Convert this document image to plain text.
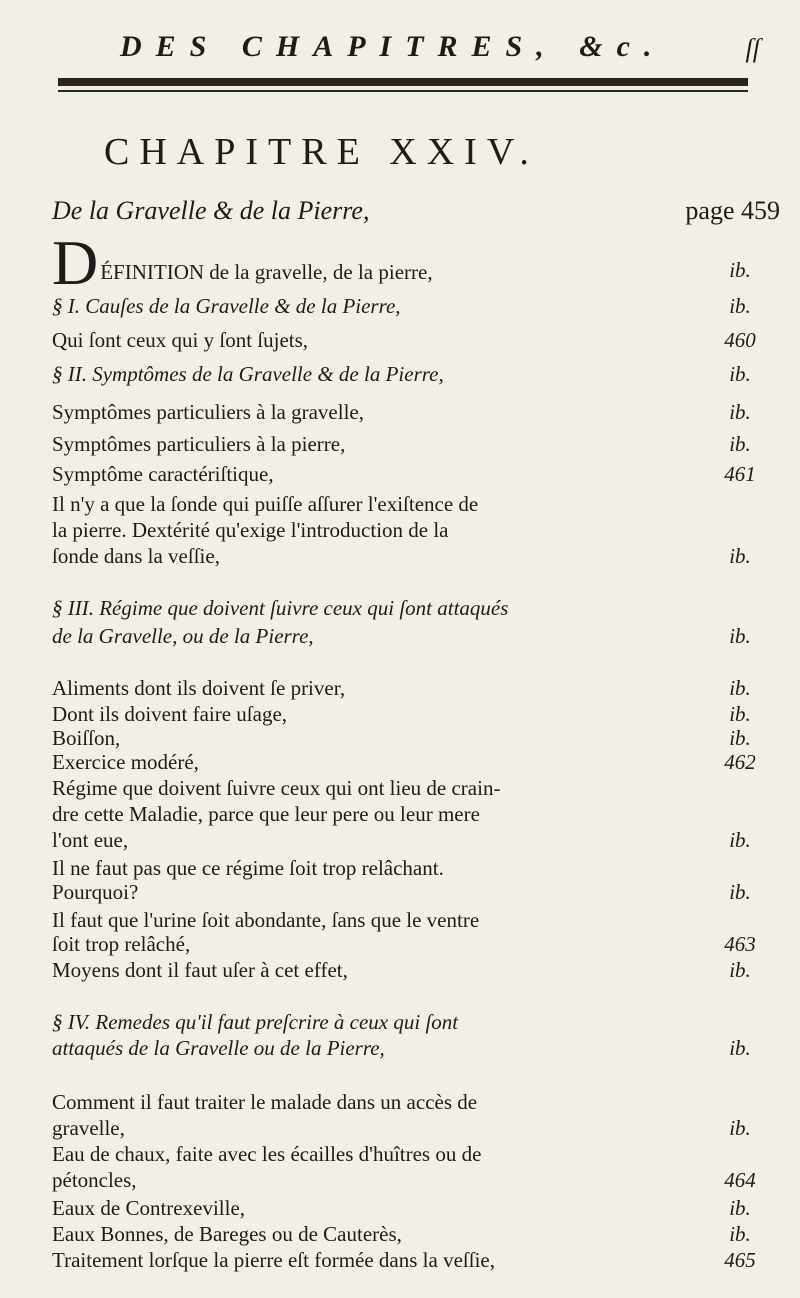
DES CHAPITRES, &c.	ſſ
CHAPITRE XXIV.
De la Gravelle & de la Pierre,	page 459
D ÉFINITION de la gravelle, de la pierre,	ib.
§ I. Cauſes de la Gravelle & de la Pierre,	ib.
Qui ſont ceux qui y ſont ſujets,	460
§ II. Symptômes de la Gravelle & de la Pierre,	ib.
Symptômes particuliers à la gravelle,	ib.
Symptômes particuliers à la pierre,	ib.
Symptôme caractériſtique,	461
Il n'y a que la ſonde qui puiſſe aſſurer l'exiſtence de
la pierre. Dextérité qu'exige l'introduction de la
ſonde dans la veſſie,	ib.
§ III. Régime que doivent ſuivre ceux qui ſont attaqués
de la Gravelle, ou de la Pierre,	ib.
Aliments dont ils doivent ſe priver,	ib.
Dont ils doivent faire uſage,	ib.
Boiſſon,	ib.
Exercice modéré,	462
Régime que doivent ſuivre ceux qui ont lieu de crain-
dre cette Maladie, parce que leur pere ou leur mere
l'ont eue,	ib.
Il ne faut pas que ce régime ſoit trop relâchant.
Pourquoi?	ib.
Il faut que l'urine ſoit abondante, ſans que le ventre
ſoit trop relâché,	463
Moyens dont il faut uſer à cet effet,	ib.
§ IV. Remedes qu'il faut preſcrire à ceux qui ſont
attaqués de la Gravelle ou de la Pierre,	ib.
Comment il faut traiter le malade dans un accès de
gravelle,	ib.
Eau de chaux, faite avec les écailles d'huîtres ou de
pétoncles,	464
Eaux de Contrexeville,	ib.
Eaux Bonnes, de Bareges ou de Cauterès,	ib.
Traitement lorſque la pierre eſt formée dans la veſſie,	465
